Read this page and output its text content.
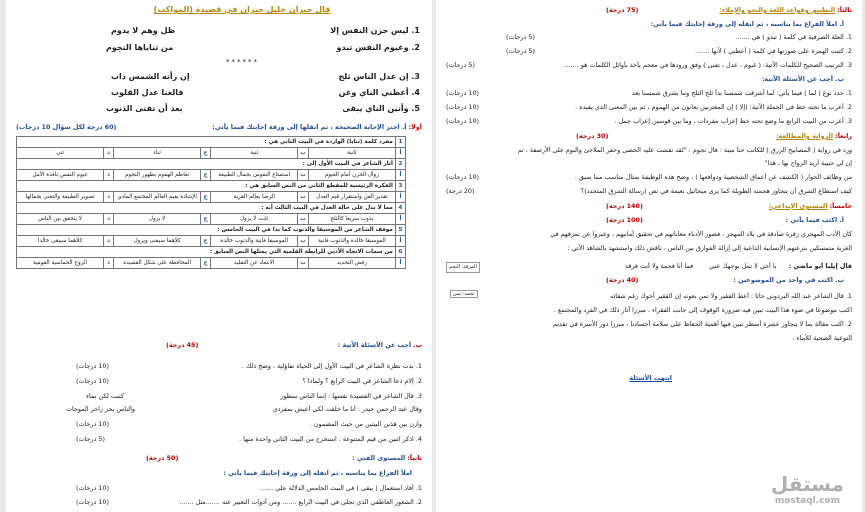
قال جبران خليل جبران في قصيدة (المواكب)
1. ليس حزن النفس إلا
ظل وهم لا يدوم
2. وغيوم النفس تبدو
من ثناياها النجوم
******
3. إن عدل الناس ثلج
إن رأته الشمس ذاب
4. أعطني الناي وغن
فالغنا عدل القلوب
5. وأنين الناي يبقى
بعد أن تفنى الذنوب
أولا: أ. اختر الإجابة الصحيحة ، ثم انقلها إلى ورقة إجابتك فيما يأتي:
(60 درجة لكل سؤال 10 درجات)
1	مفرد كلمة (ثنايا) الواردة في البيت الثاني هي :						
أ	ثانية	ب	ثنية	ج	ثناء	د	ثني
2	أثار الشاعر في البيت الأول إلى :						
أ	زوال الحزن أمام الغيوم	ب	استمتاع النفوس بجمال الطبيعة	ج	تعاظم الهموم بظهور النجوم	د	غيوم النفس نافذة الأمل
3	الفكرة الرئيسية للمقطع الثاني من النص السابق هي :						
أ	تقدير الفن واستقرار قيم العدل	ب	الرضا بعالم القرية	ج	الإشادة بقيم العالم المجتمع المادي	د	تصوير الطبيعة والتغني بجمالها
4	مما لا يدل على حالة العدل في البيت الثالث أنه :						
أ	يذوب سريعا كالثلج	ب	ثابت لا يزول	ج	لا يزول	د	لا يتحقق بين الناس
5	موقف الشاعر من الموسيقا والذنوب كما بدا في البيت الخامس :						
أ	الموسيقا خالدة والذنوب فانية	ب	الموسيقا فانية والذنوب خالدة	ج	كلاهما سيفنى ويزول	د	كلاهما سيبقى خالدا
6	من سمات الاتجاه الأدبي للرابطة القلمية التي يمثلها النص السابق :						
أ	رفض التجديد	ب	الابتعاد عن التقليد	ج	المحافظة على شكل القصيدة	د	الروح الحماسية القومية
ب. أجب عن الأسئلة الآتية :
(45 درجة)
1. بدت نظرة الشاعر في البيت الأول إلى الحياة تفاؤلية ، وضح ذلك .
(10 درجات)
2. إلام دعا الشاعر في البيت الرابع ؟ ولماذا ؟
(10 درجات)
3. قال الشاعر في القصيدة نفسها : إنما الناس سطور
كتبت لكن بماء
وقال عبد الرحمن حيدر : أنا ما خلقت لكي أعيش بمفردي
والناس بحر زاخر الموجات
وازن بين هذين البيتين من حيث المضمون .
(10 درجات)
4. اذكر اثنين من قيم المتنوعة ، استخرج من البيت الثاني واحدة منها .
(5 درجات)
ثانياً: المستوى الفني :
(50 درجة)
املأ الفراغ بما يناسبه ، ثم انقله إلى ورقة إجابتك فيما يأتي :
1. أفاد استعمال ( يبقى ) في البيت الخامس الدلالة على .......
(10 درجات)
2. الشعور العاطفي الذي تجلى في البيت الرابع ....... ومن أدوات التعبير عنه .......مثل .......
(10 درجات)
ثالثاً: التطبيق وقواعد اللغة والنحو والإملاء:
(75 درجة)
أ. املأ الفراغ بما يناسبه ، ثم انقله إلى ورقة إجابتك فيما يأتي:
1. العلة الصرفية في كلمة ( تبدو ) هي .......
(5 درجات)
2. كتبت الهمزة على صورتها في كلمة ( أعطني ) لأنها .......
(5 درجات)
3. الترتيب الصحيح للكلمات الآتية: ( غيوم ، عدل ، تفنى ) وفق ورودها في معجم يأخذ بأوائل الكلمات هو .......
(5 درجات)
ب. أجب عن الأسئلة الآتية:
1. حدد نوع ( لما ) فيما يأتي: لما أشرقت شمسنا بدأ ثلج الثلج وما تشرق شمسنا بعد
(10 درجات)
2. أعرب ما تحته خط في الجملة الآتية: (إلا ) إن المغتربين يعانون من الهموم ، ثم بين المعنى الذي يفيده .
(10 درجات)
3. أعرب من البيت الرابع ما وضع تحته خط إعراب مفردات ، وما بين قوسين إعراب جمل .
(10 درجات)
رابعاً: الرواية والمطالعة:
(30 درجة)
ورد في رواية ( المصابيح الزرق ) للكاتب حنا مينة : قال نجوم : "لقد تفشت عليه الحصى وحفر الملاجئ والنوم على الأرصفة ، ثم
إن لي حبيبة أريد الزواج بها ، هذا"
من وظائف الحوار ( الكشف عن أعماق الشخصية ودوافعها ) ، وضح هذه الوظيفة بمثال مناسب مما سبق .
(10 درجات)
كيف استطاع الشرق أن يتجاوز هجمته الطويلة كما يرى ميخائيل نعيمة في نص (رسالة الشرق المتجدد)؟
(20 درجة)
خامساً: المستوى الإبداعي:
(140 درجة)
أ. اكتب فيما يأتي :
(100 درجة)
كان الأدب المهجري زفرة صادقة في بلاد المهجر ، فصور الأدباء معاناتهم في تحقيق أمانيهم ، وعبروا عن تمزقهم في
الغربة متمسكين بنزعتهم الإنسانية الداعية إلى إزالة الفوارق بين الناس ، ناقش ذلك واستشهد بالشاهد الآتي :
قال إيليا أبو ماضي : يا أخي لا تمل بوجهك عني فما أنا فحمة ولا أنت فرقد
المرقد: النجم
ب. اكتب في واحد من الموضوعين :
(40 درجة)
1. قال الشاعر عبد الله البردوني حاثا : أعط الفقير ولا تمن بعونه إن الفقير أخوك رغم شقائه
اكتب موضوعا في ضوء هذا البيت تبين فيه ضرورة الوقوف إلى جانب الفقراء ، مبرزا آثار ذلك في الفرد والمجتمع .
2. اكتب مقالة بما لا يتجاوز عشرة أسطر تبين فيها أهمية الحفاظ على سلامة أجسادنا ، مبرزا دور الأسرة في تقديم
التوعية الصحية للأبناء .
تحمد: تمن
انتهت الأسئلة
مستقل
mostaql.com
